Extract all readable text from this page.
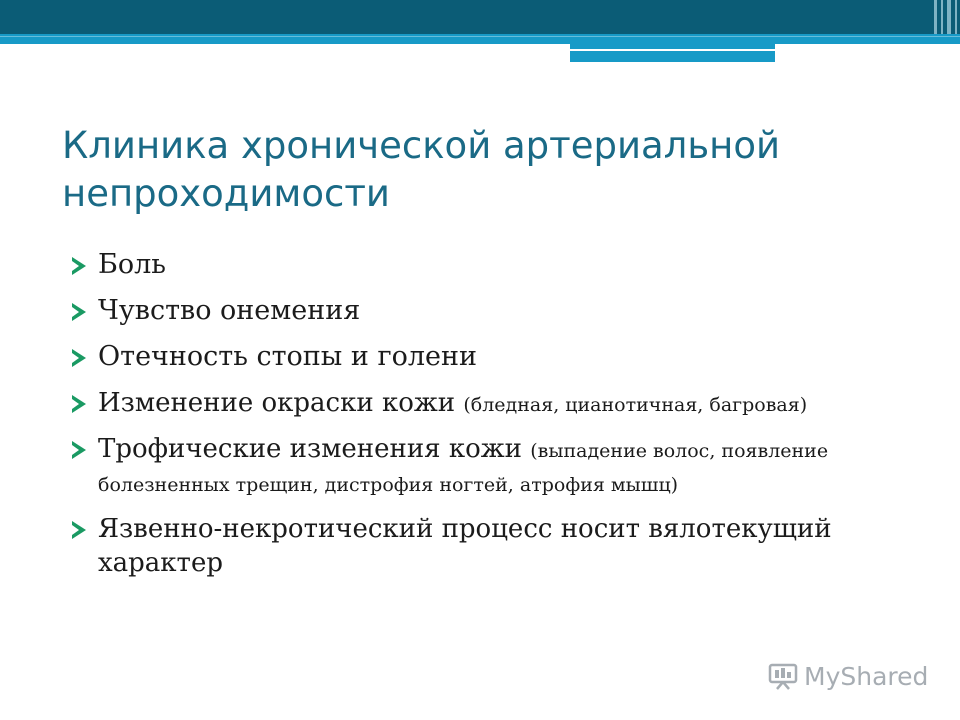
Клиника хронической артериальной непроходимости
Боль
Чувство онемения
Отечность стопы и голени
Изменение окраски кожи (бледная, цианотичная, багровая)
Трофические изменения кожи (выпадение волос, появление болезненных трещин, дистрофия ногтей, атрофия мышц)
Язвенно-некротический процесс носит вялотекущий характер
MyShared
